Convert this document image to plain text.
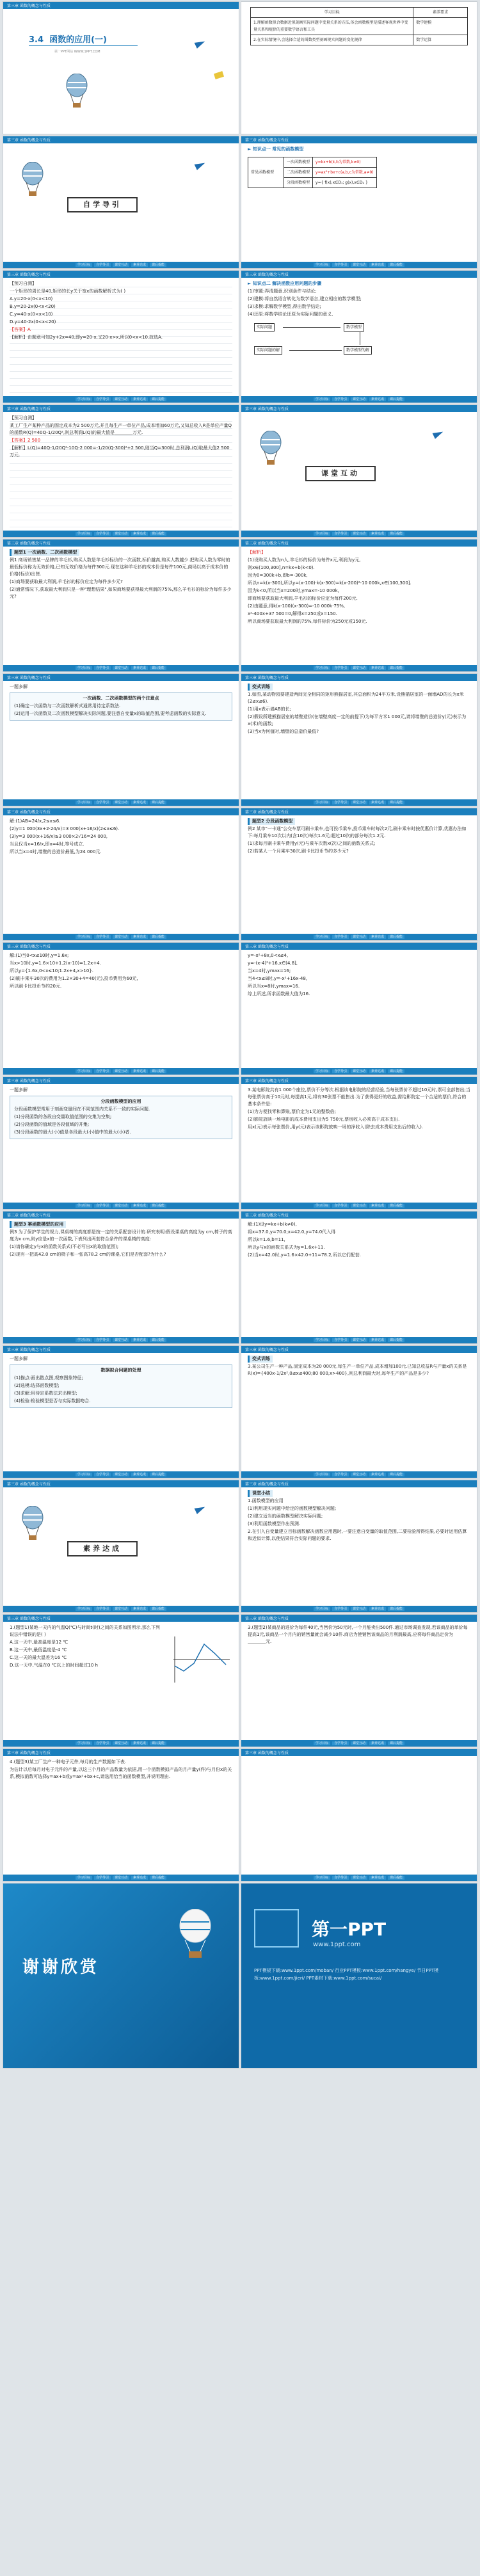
第三章 函数的概念与性质
3.4 函数的应用(一)
第一PPT网站 WWW.1PPT.COM
学习目标	素养要求
1.理解函数拟合数据近似刻画实际问题中变量关系的方法,体会函数模型是描述客观世界中变量关系和规律的重要数学语言和工具	数学建模
2.在实际情境中,会选择合适的函数类型刻画现实问题的变化规律	数学运算
第三章 函数的概念与性质
自学导引
学习目标	自学导引	课堂互动	素养达成	课后提能
第三章 函数的概念与性质

► 知识点一 常见的函数模型

常见函数模型	一次函数模型	y=kx+b(k,b为常数,k≠0)
	二次函数模型	y=ax²+bx+c(a,b,c为常数,a≠0)
	分段函数模型	y={ f(x),x∈D₁; g(x),x∈D₂ }
学习目标	自学导引	课堂互动	素养达成	课后提能
第三章 函数的概念与性质

【预习自测】

一个矩形的周长是40,矩形的长y关于宽x的函数解析式为( )

A.y=20-x(0<x<10)

B.y=20-2x(0<x<20)

C.y=40-x(0<x<10)

D.y=40-2x(0<x<20)

【答案】A

【解析】由题意可知2y+2x=40,即y=20-x,又20-x>x,所以0<x<10.故选A.

学习目标	自学导引	课堂互动	素养达成	课后提能
第三章 函数的概念与性质

► 知识点二 解决函数应用问题的步骤

(1)审题:弄清题意,识别条件与结论;

(2)建模:将自然语言转化为数学语言,建立相应的数学模型;

(3)求模:求解数学模型,得出数学结论;

(4)还原:将数学结论还原为实际问题的意义.

实际问题	数学模型
实际问题的解	数学模型的解
学习目标	自学导引	课堂互动	素养达成	课后提能
第三章 函数的概念与性质

【预习自测】

某工厂生产某种产品的固定成本为2 500万元,并且每生产一单位产品,成本增加60万元,又知总收入R是单位产量Q的函数R(Q)=40Q-1/20Q²,则总利润L(Q)的最大值是________万元.

【答案】2 500

【解析】L(Q)=40Q-1/20Q²-10Q-2 000=-1/20(Q-300)²+2 500,则当Q=300时,总利润L(Q)取最大值2 500万元.

学习目标	自学导引	课堂互动	素养达成	课后提能
第三章 函数的概念与性质
课堂互动
学习目标	自学导引	课堂互动	素养达成	课后提能
第三章 函数的概念与性质

题型1 一次函数、二次函数模型

例1 商场销售某一品牌的羊毛衫,购买人数是羊毛衫标价的一次函数,标价越高,购买人数越少.把购买人数为零时的最低标价称为无效价格,已知无效价格为每件300元.现在这种羊毛衫的成本价是每件100元,商场以高于成本价的价格(标价)出售.

(1)商场要获取最大利润,羊毛衫的标价应定为每件多少元?

(2)通常情况下,获取最大利润只是一种"理想结果",如果商场要获得最大利润的75%,那么羊毛衫的标价为每件多少元?

学习目标	自学导引	课堂互动	素养达成	课后提能
第三章 函数的概念与性质

【解析】

(1)设购买人数为n人,羊毛衫的标价为每件x元,利润为y元,

则x∈(100,300],n=kx+b(k<0).

因为0=300k+b,即b=-300k,

所以n=k(x-300),所以y=(x-100)·k(x-300)=k(x-200)²-10 000k,x∈(100,300].

因为k<0,所以当x=200时,ymax=-10 000k,

即商场要获取最大利润,羊毛衫的标价应定为每件200元.

(2)由题意,得k(x-100)(x-300)=-10 000k·75%,

x²-400x+37 500=0,解得x=250或x=150.

所以商场要获取最大利润的75%,每件标价为250元或150元.

学习目标	自学导引	课堂互动	素养达成	课后提能
第三章 函数的概念与性质

一题多解

一次函数、二次函数模型的两个注意点

(1)确定一次函数与二次函数解析式通常用待定系数法.

(2)运用一次函数及二次函数模型解决实际问题,要注意自变量x的取值范围,要考虑函数的实际意义.

学习目标	自学导引	课堂互动	素养达成	课后提能
第三章 函数的概念与性质

变式训练

1.如图,某动物园要建造两间完全相同的矩形熊猫居室,其总面积为24平方米,设熊猫居室的一面墙AD的长为x米(2≤x≤6).

(1)用x表示墙AB的长;

(2)假设所建熊猫居室的墙壁造价(在墙壁高度一定的前提下)为每平方米1 000元,请将墙壁的总造价y(元)表示为x(米)的函数;

(3)当x为何值时,墙壁的总造价最低?

学习目标	自学导引	课堂互动	素养达成	课后提能
第三章 函数的概念与性质

解:(1)AB=24/x,2≤x≤6.

(2)y=1 000(3x+2·24/x)=3 000(x+16/x)(2≤x≤6).

(3)y=3 000(x+16/x)≥3 000×2√16=24 000,

当且仅当x=16/x,即x=4时,等号成立.

所以当x=4时,墙壁的总造价最低,为24 000元.

学习目标	自学导引	课堂互动	素养达成	课后提能
第三章 函数的概念与性质

题型2 分段函数模型

例2 某市"一卡通"公交车票可刷卡乘车,也可投币乘车,投币乘车时每次2元,刷卡乘车时按优惠价计算,优惠办法如下:每月乘车10次以内(含10次)每次1.6元;超过10次的部分每次1.2元.

(1)求每月刷卡乘车费用y(元)与乘车次数x(次)之间的函数关系式;

(2)若某人一个月乘车30次,刷卡比投币节约多少元?

学习目标	自学导引	课堂互动	素养达成	课后提能
第三章 函数的概念与性质

解:(1)当0<x≤10时,y=1.6x;

当x>10时,y=1.6×10+1.2(x-10)=1.2x+4.

所以y={1.6x,0<x≤10;1.2x+4,x>10}.

(2)刷卡乘车30次的费用为1.2×30+4=40(元),投币费用为60元,

所以刷卡比投币节约20元.

学习目标	自学导引	课堂互动	素养达成	课后提能
第三章 函数的概念与性质

y=-x²+8x,0<x≤4,

y=-(x-4)²+16,x∈(4,8],

当x=4时,ymax=16;

当4<x≤8时,y=-x²+16x-48,

所以当x=8时,ymax=16.

综上所述,所求函数最大值为16.

学习目标	自学导引	课堂互动	素养达成	课后提能
第三章 函数的概念与性质

一题多解

分段函数模型的应用

分段函数模型常用于刻画变量间在不同范围内关系不一致的实际问题.

(1)分段函数的各段自变量取值范围的交集为空集;

(2)分段函数的值域是各段值域的并集;

(3)分段函数的最大(小)值是各段最大(小)值中的最大(小)者.

学习目标	自学导引	课堂互动	素养达成	课后提能
第三章 函数的概念与性质

3.某电影院共有1 000个座位,票价不分等次.根据该电影院的经营经验,当每张票价不超过10元时,票可全部售出;当每张票价高于10元时,每提高1元,将有30张票不能售出.为了获得更好的收益,需给影院定一个合适的票价,符合的基本条件是:

(1)为方便找零和算账,票价定为1元的整数倍;

(2)影院放映一场电影的成本费用支出为5 750元,票房收入必须高于成本支出.

用x(元)表示每张票价,用y(元)表示该影院放映一场的净收入(除去成本费用支出后的收入).

学习目标	自学导引	课堂互动	素养达成	课后提能
第三章 函数的概念与性质

题型3 幂函数模型的应用

例3 为了保护学生的视力,课桌椅的高度都是按一定的关系配套设计的.研究表明:假设课桌的高度为y cm,椅子的高度为x cm,则y应是x的一次函数,下表列出两套符合条件的课桌椅的高度:

(1)请你确定y与x的函数关系式(不必写出x的取值范围);

(2)现有一把高42.0 cm的椅子和一张高78.2 cm的课桌,它们是否配套?为什么?

学习目标	自学导引	课堂互动	素养达成	课后提能
第三章 函数的概念与性质

解:(1)设y=kx+b(k≠0),

将x=37.0,y=70.0;x=42.0,y=74.0代入得

所以k=1.6,b=11,

所以y与x的函数关系式为y=1.6x+11.

(2)当x=42.0时,y=1.6×42.0+11=78.2,所以它们配套.

学习目标	自学导引	课堂互动	素养达成	课后提能
第三章 函数的概念与性质

一题多解

数据拟合问题的处理

(1)描点:画出散点图,观察图象特征;

(2)选模:选择函数模型;

(3)求解:用待定系数法求出模型;

(4)检验:检验模型是否与实际数据吻合.

学习目标	自学导引	课堂互动	素养达成	课后提能
第三章 函数的概念与性质

变式训练

3.某公司生产一种产品,固定成本为20 000元,每生产一单位产品,成本增加100元.已知总收益R与产量x的关系是R(x)={400x-1/2x²,0≤x≤400;80 000,x>400},则总利润最大时,每年生产的产品是多少?

学习目标	自学导引	课堂互动	素养达成	课后提能
第三章 函数的概念与性质
素养达成
学习目标	自学导引	课堂互动	素养达成	课后提能
第三章 函数的概念与性质

课堂小结

1.函数模型的应用

(1)利用现实问题中给定的函数模型解决问题;

(2)建立适当的函数模型解决实际问题;

(3)利用函数模型作出预测.

2.在引入自变量建立目标函数解决函数应用题时,一要注意自变量的取值范围,二要检验所得结果,必要时运用估算和近似计算,以使结果符合实际问题的要求.

学习目标	自学导引	课堂互动	素养达成	课后提能
第三章 函数的概念与性质

1.(题型1)某地一天内的气温Q(℃)与时间t(时)之间的关系如图所示,那么下列说法中错误的是( )

A.这一天中,最高温度是12 ℃

B.这一天中,最低温度是-4 ℃

C.这一天的最大温差为16 ℃

D.这一天中,气温在0 ℃以上的时间超过10 h

学习目标	自学导引	课堂互动	素养达成	课后提能
第三章 函数的概念与性质

3.(题型2)某商品的进价为每件40元,当售价为50元时,一个月能卖出500件.通过市场调查发现,若该商品的单价每提高1元,该商品一个月内的销售量就会减少10件.商店为使销售该商品的月利润最高,应将每件商品定价为________元.

学习目标	自学导引	课堂互动	素养达成	课后提能
第三章 函数的概念与性质

4.(题型3)某工厂生产一种电子元件,每月的生产数据如下表.

为估计以后每月对电子元件的产量,以这三个月的产品数量为依据,用一个函数模拟产品的月产量y(件)与月份x的关系,模拟函数可选择y=ax+b或y=ax²+bx+c,请选用恰当的函数模型,并说明理由.

学习目标	自学导引	课堂互动	素养达成	课后提能
第三章 函数的概念与性质
学习目标	自学导引	课堂互动	素养达成	课后提能
谢谢欣赏
第一PPT
www.1ppt.com
PPT模板下载:www.1ppt.com/moban/ 行业PPT模板:www.1ppt.com/hangye/ 节日PPT模板:www.1ppt.com/jieri/ PPT素材下载:www.1ppt.com/sucai/
